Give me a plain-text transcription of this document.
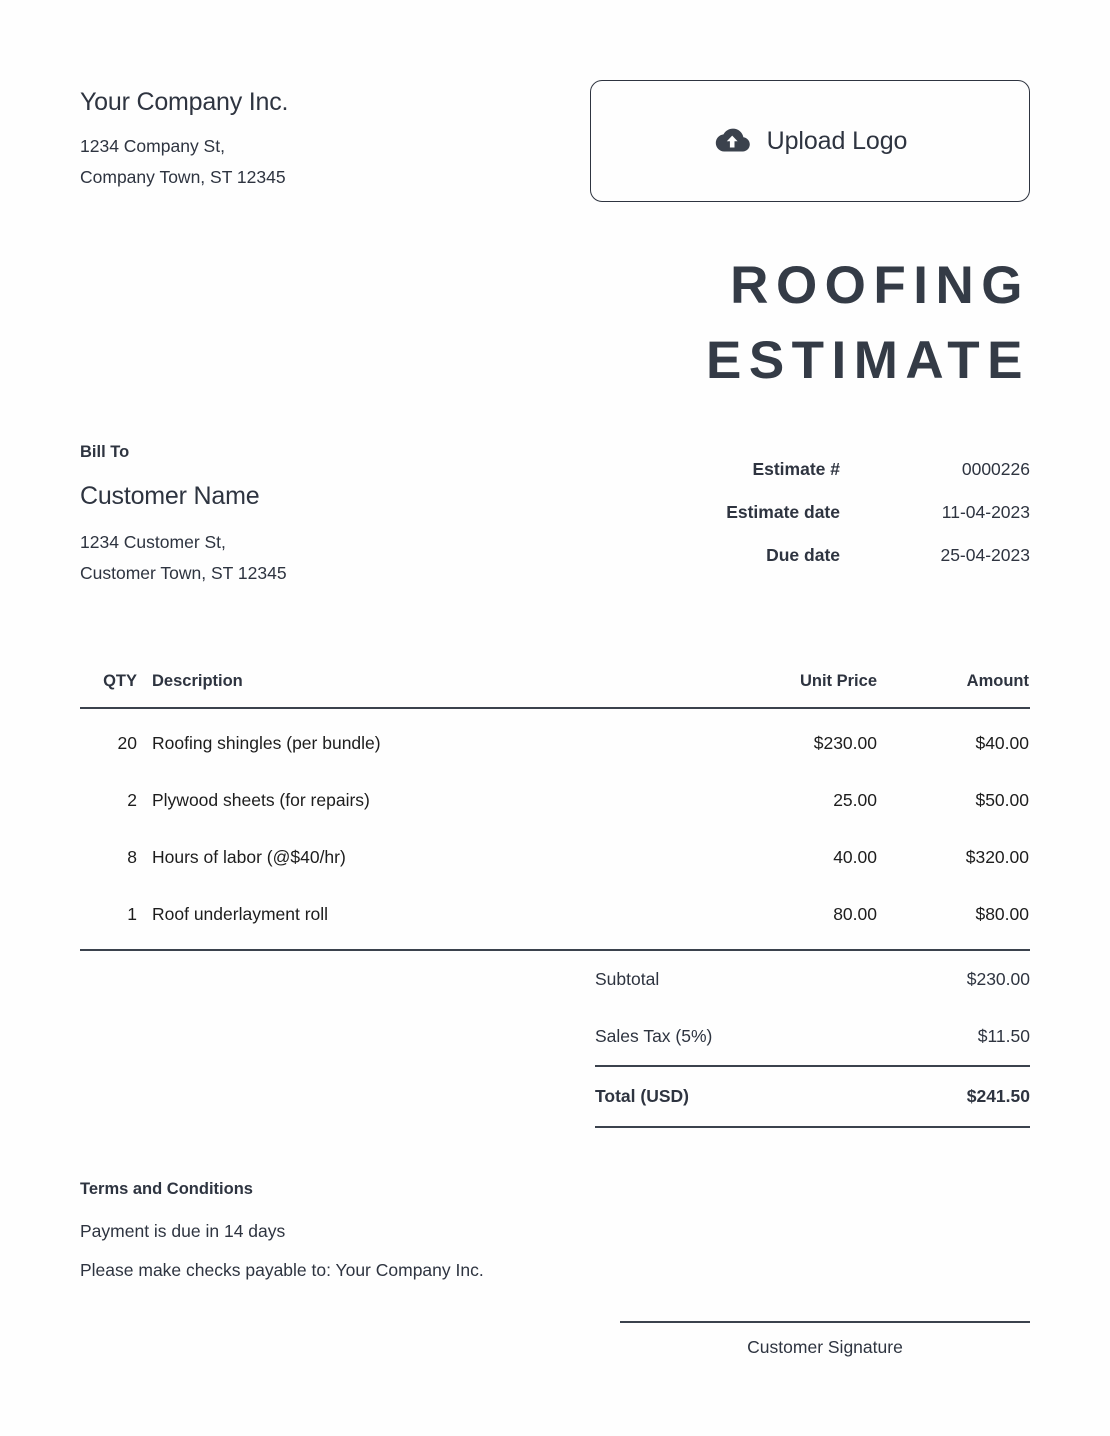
Your Company Inc.
1234 Company St,
Company Town, ST 12345
Upload Logo
ROOFING
ESTIMATE
Bill To
Customer Name
1234 Customer St,
Customer Town, ST 12345
Estimate #	0000226
Estimate date	11-04-2023
Due date	25-04-2023
QTY	Description	Unit Price	Amount
20	Roofing shingles (per bundle)	$230.00	$40.00
2	Plywood sheets (for repairs)	25.00	$50.00
8	Hours of labor (@$40/hr)	40.00	$320.00
1	Roof underlayment roll	80.00	$80.00
Subtotal	$230.00
Sales Tax (5%)	$11.50
Total (USD)	$241.50
Terms and Conditions
Payment is due in 14 days
Please make checks payable to: Your Company Inc.
Customer Signature
